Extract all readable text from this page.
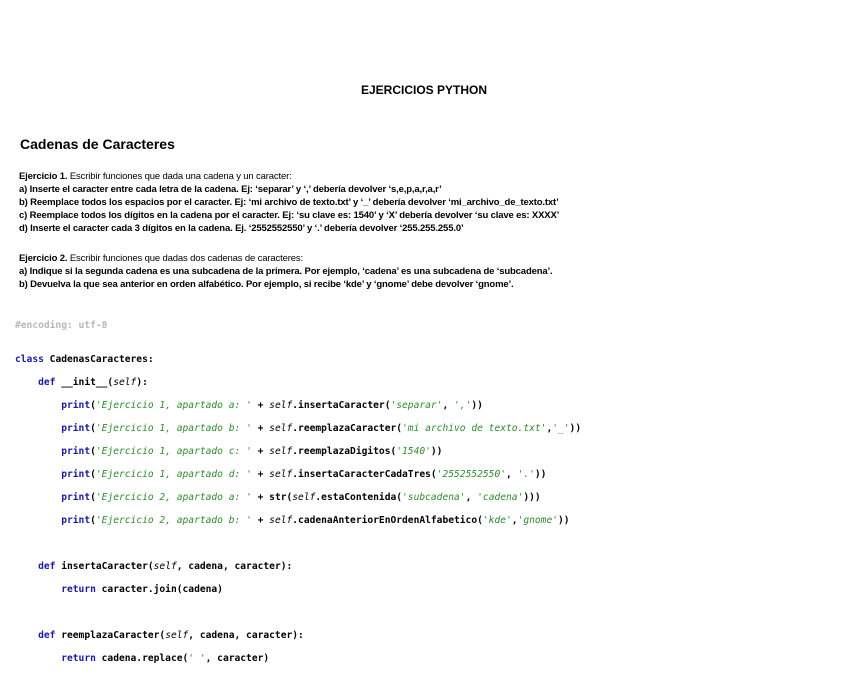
EJERCICIOS PYTHON
Cadenas de Caracteres
Ejercicio 1. Escribir funciones que dada una cadena y un caracter:
a) Inserte el caracter entre cada letra de la cadena. Ej: ‘separar’ y ‘,’ debería devolver ‘s,e,p,a,r,a,r’
b) Reemplace todos los espacios por el caracter. Ej: ‘mi archivo de texto.txt’ y ‘_’ debería devolver ‘mi_archivo_de_texto.txt’
c) Reemplace todos los dígitos en la cadena por el caracter. Ej: ‘su clave es: 1540’ y ‘X’ debería devolver ‘su clave es: XXXX’
d) Inserte el caracter cada 3 dígitos en la cadena. Ej. ‘2552552550’ y ‘.’ debería devolver ‘255.255.255.0’
Ejercicio 2. Escribir funciones que dadas dos cadenas de caracteres:
a) Indique si la segunda cadena es una subcadena de la primera. Por ejemplo, ‘cadena’ es una subcadena de ‘subcadena’.
b) Devuelva la que sea anterior en orden alfabético. Por ejemplo, si recibe ‘kde’ y ‘gnome’ debe devolver ‘gnome’.
#encoding: utf-8

class CadenasCaracteres:

def __init__(self):

print('Ejercicio 1, apartado a: ' + self.insertaCaracter('separar', ','))

print('Ejercicio 1, apartado b: ' + self.reemplazaCaracter('mi archivo de texto.txt','_'))

print('Ejercicio 1, apartado c: ' + self.reemplazaDigitos('1540'))

print('Ejercicio 1, apartado d: ' + self.insertaCaracterCadaTres('2552552550', '.'))

print('Ejercicio 2, apartado a: ' + str(self.estaContenida('subcadena', 'cadena')))

print('Ejercicio 2, apartado b: ' + self.cadenaAnteriorEnOrdenAlfabetico('kde','gnome'))

def insertaCaracter(self, cadena, caracter):

return caracter.join(cadena)

def reemplazaCaracter(self, cadena, caracter):

return cadena.replace(' ', caracter)
